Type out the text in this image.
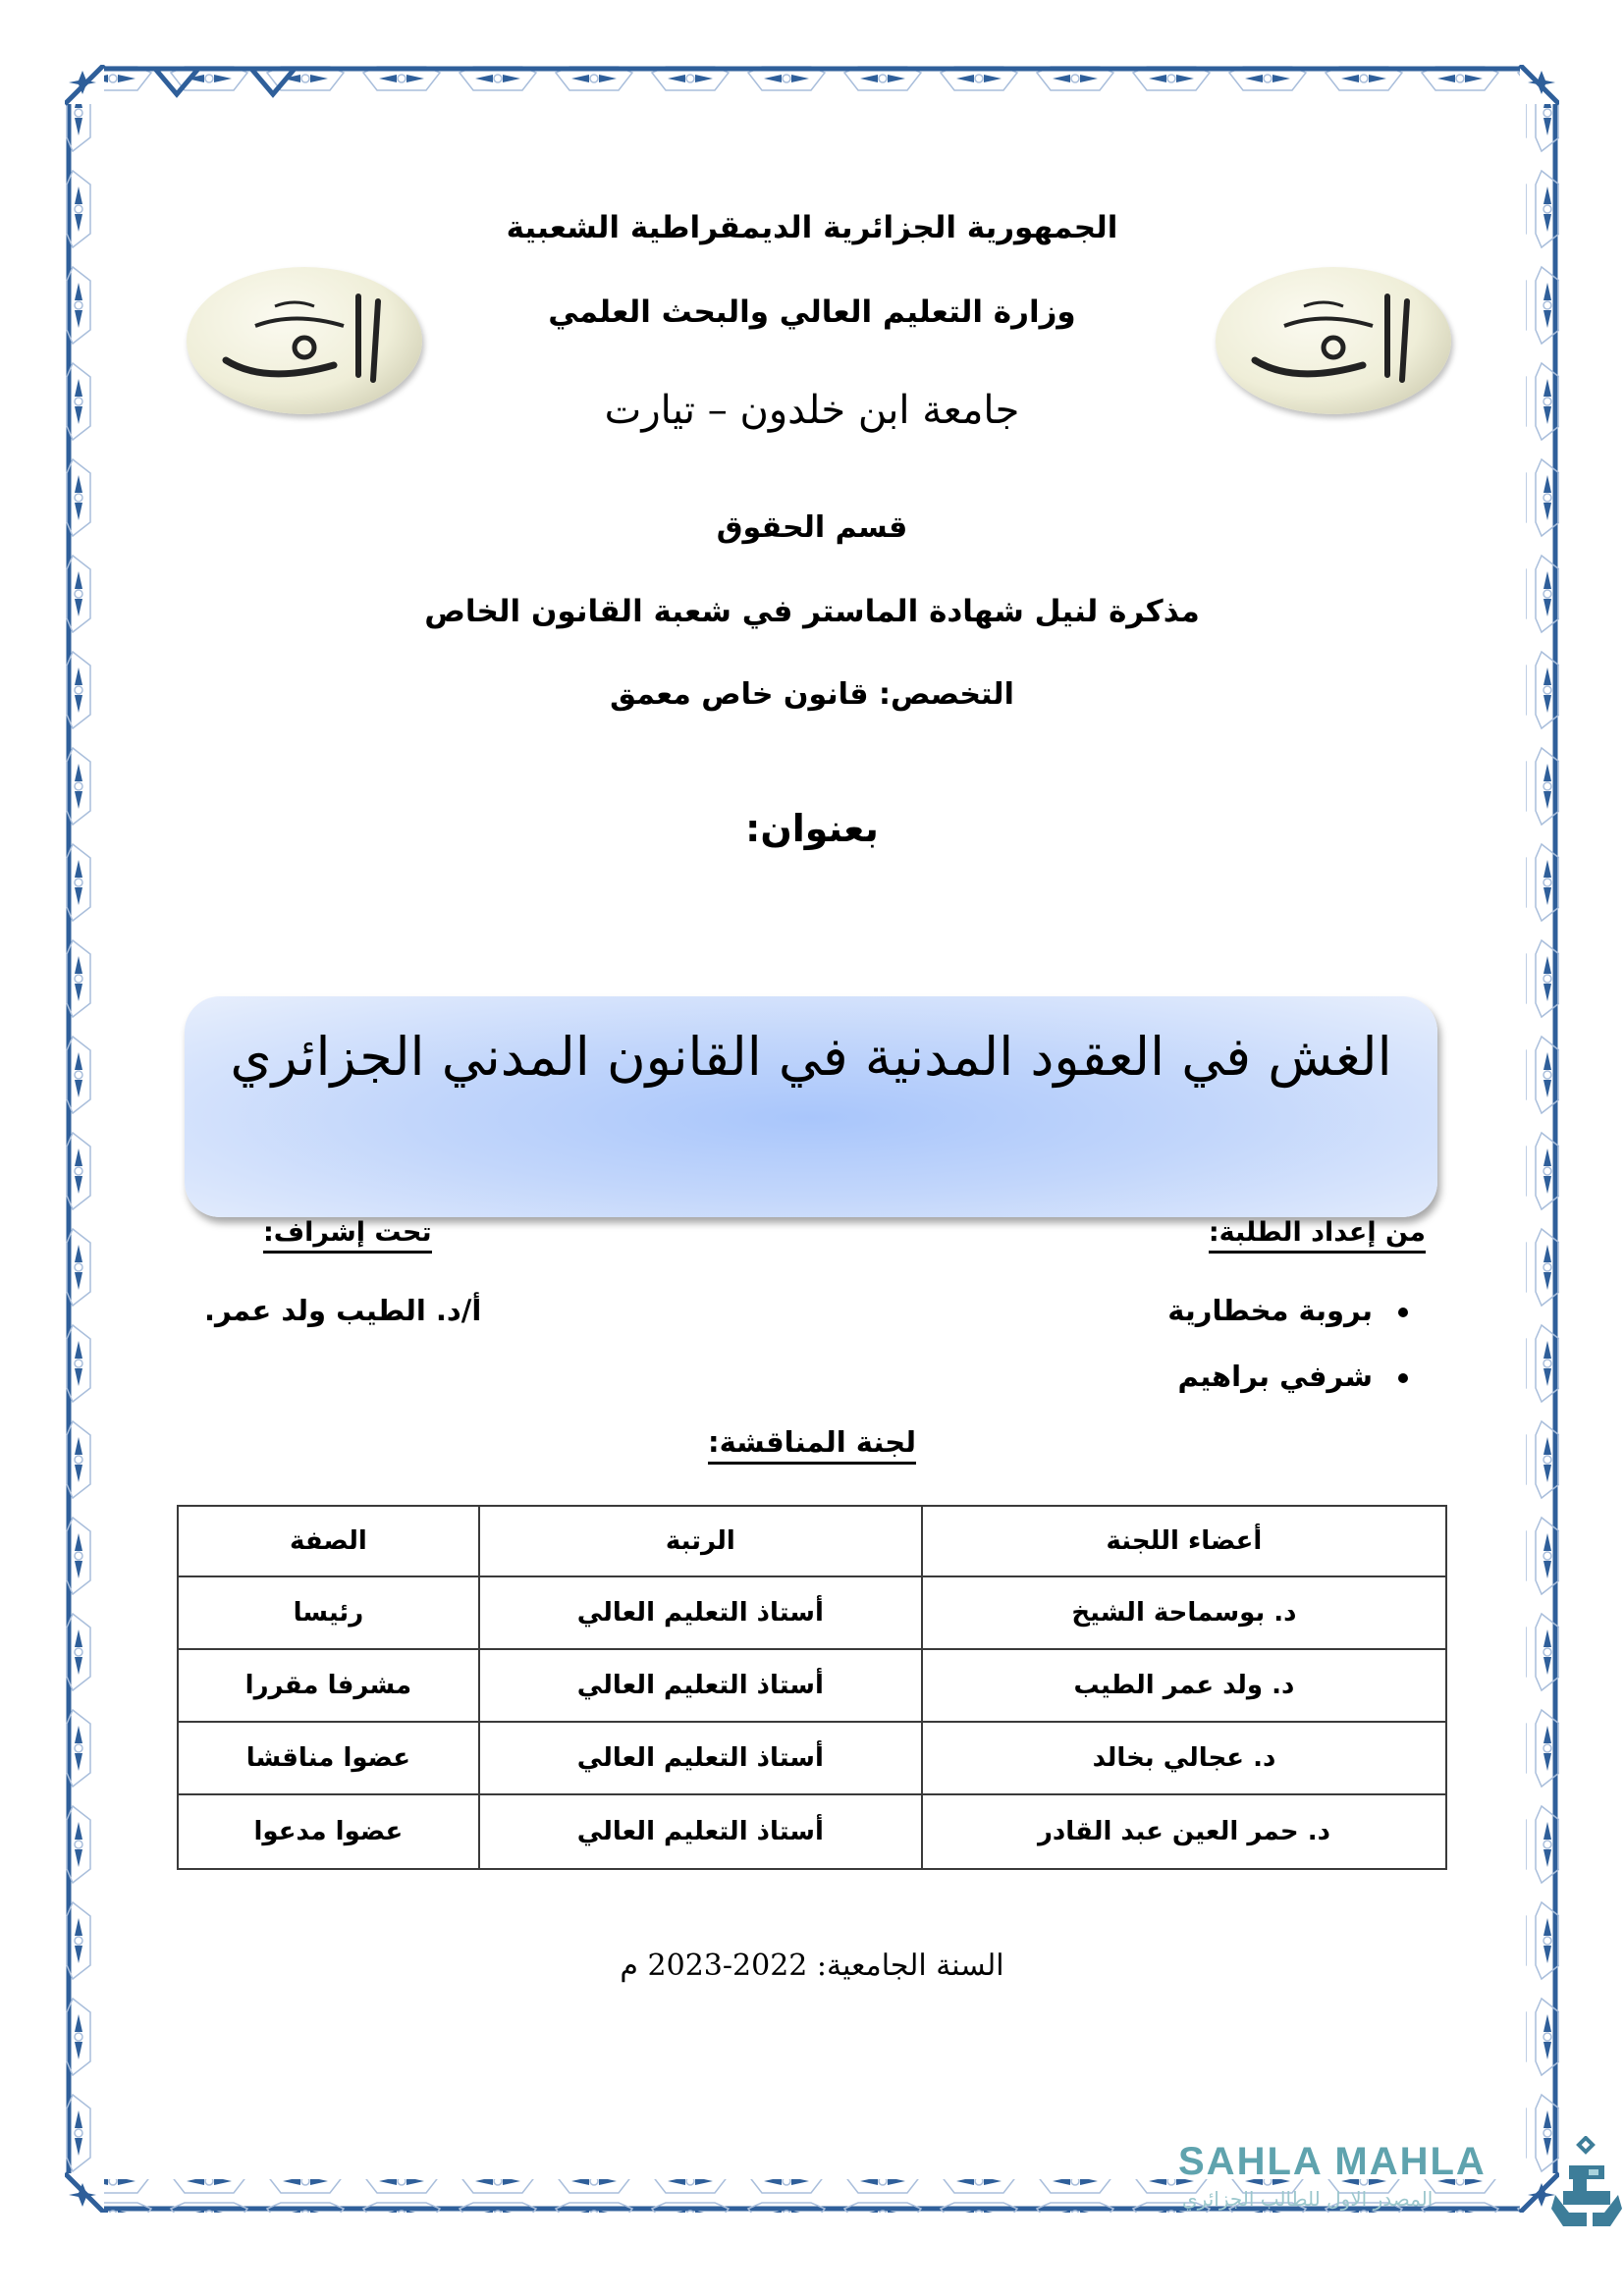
الجمهورية الجزائرية الديمقراطية الشعبية
وزارة التعليم العالي والبحث العلمي
جامعة ابن خلدون – تيارت
قسم الحقوق
مذكرة لنيل شهادة الماستر في شعبة القانون الخاص
التخصص: قانون خاص معمق
بعنوان:
الغش في العقود المدنية في القانون المدني الجزائري
من إعداد الطلبة:
تحت إشراف:
بروبة مخطارية
شرفي براهيم
أ/د. الطيب ولد عمر.
لجنة المناقشة:
أعضاء اللجنة	الرتبة	الصفة
د. بوسماحة الشيخ	أستاذ التعليم العالي	رئيسا
د. ولد عمر الطيب	أستاذ التعليم العالي	مشرفا مقررا
د. عجالي بخالد	أستاذ التعليم العالي	عضوا مناقشا
د. حمر العين عبد القادر	أستاذ التعليم العالي	عضوا مدعوا
السنة الجامعية: 2022-2023 م
SAHLA MAHLA
المصدر الاول للطالب الجزائري
